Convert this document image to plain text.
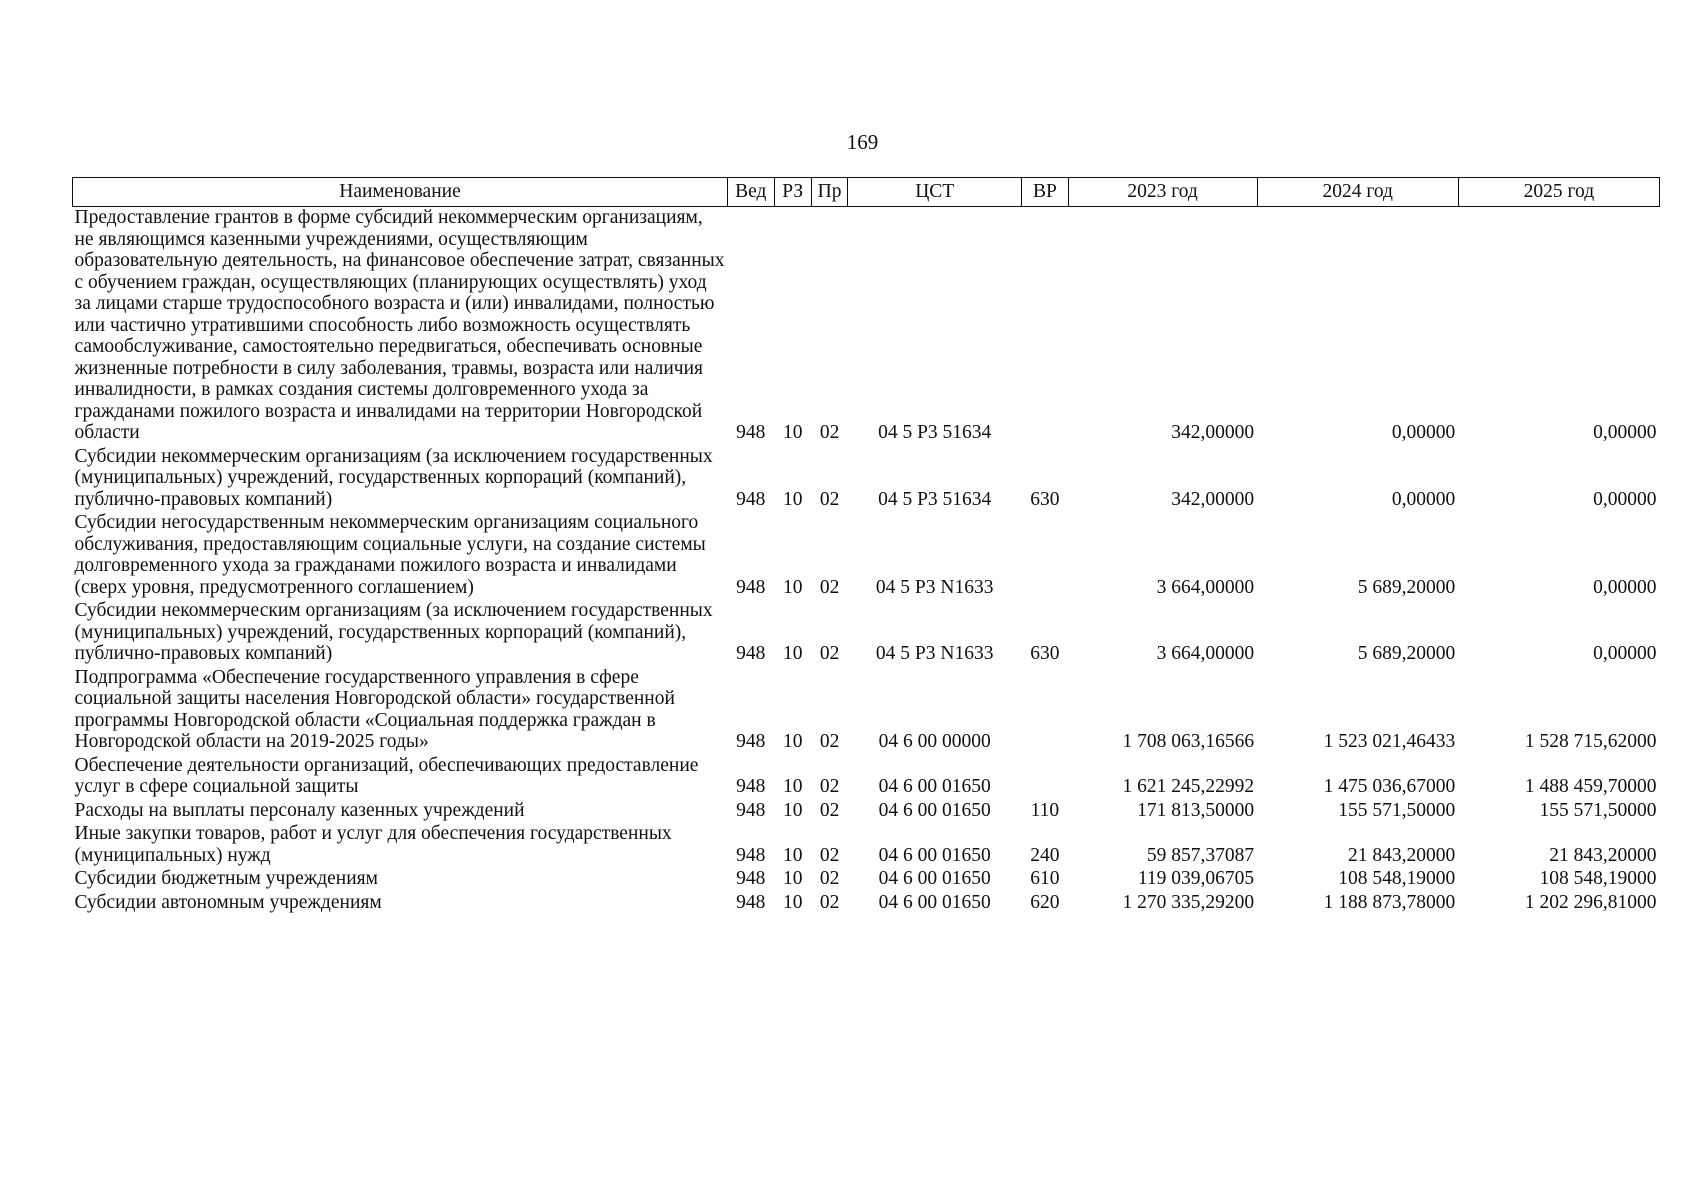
169
Наименование	Вед	РЗ	Пр	ЦСТ	ВР	2023 год	2024 год	2025 год
Предоставление грантов в форме субсидий некоммерческим организациям, не являющимся казенными учреждениями, осуществляющим образовательную деятельность, на финансовое обеспечение затрат, связанных с обучением граждан, осуществляющих (планирующих осуществлять) уход за лицами старше трудоспособного возраста и (или) инвалидами, полностью или частично утратившими способность либо возможность осуществлять самообслуживание, самостоятельно передвигаться, обеспечивать основные жизненные потребности в силу заболевания, травмы, возраста или наличия инвалидности, в рамках создания системы долговременного ухода за гражданами пожилого возраста и инвалидами на территории Новгородской области	948	10	02	04 5 P3 51634		342,00000	0,00000	0,00000
Субсидии некоммерческим организациям (за исключением государственных (муниципальных) учреждений, государственных корпораций (компаний), публично-правовых компаний)	948	10	02	04 5 P3 51634	630	342,00000	0,00000	0,00000
Субсидии негосударственным некоммерческим организациям социального обслуживания, предоставляющим социальные услуги, на создание системы долговременного ухода за гражданами пожилого возраста и инвалидами (сверх уровня, предусмотренного соглашением)	948	10	02	04 5 P3 N1633		3 664,00000	5 689,20000	0,00000
Субсидии некоммерческим организациям (за исключением государственных (муниципальных) учреждений, государственных корпораций (компаний), публично-правовых компаний)	948	10	02	04 5 P3 N1633	630	3 664,00000	5 689,20000	0,00000
Подпрограмма «Обеспечение государственного управления в сфере социальной защиты населения Новгородской области» государственной программы Новгородской области «Социальная поддержка граждан в Новгородской области на 2019-2025 годы»	948	10	02	04 6 00 00000		1 708 063,16566	1 523 021,46433	1 528 715,62000
Обеспечение деятельности организаций, обеспечивающих предоставление услуг в сфере социальной защиты	948	10	02	04 6 00 01650		1 621 245,22992	1 475 036,67000	1 488 459,70000
Расходы на выплаты персоналу казенных учреждений	948	10	02	04 6 00 01650	110	171 813,50000	155 571,50000	155 571,50000
Иные закупки товаров, работ и услуг для обеспечения государственных (муниципальных) нужд	948	10	02	04 6 00 01650	240	59 857,37087	21 843,20000	21 843,20000
Субсидии бюджетным учреждениям	948	10	02	04 6 00 01650	610	119 039,06705	108 548,19000	108 548,19000
Субсидии автономным учреждениям	948	10	02	04 6 00 01650	620	1 270 335,29200	1 188 873,78000	1 202 296,81000
